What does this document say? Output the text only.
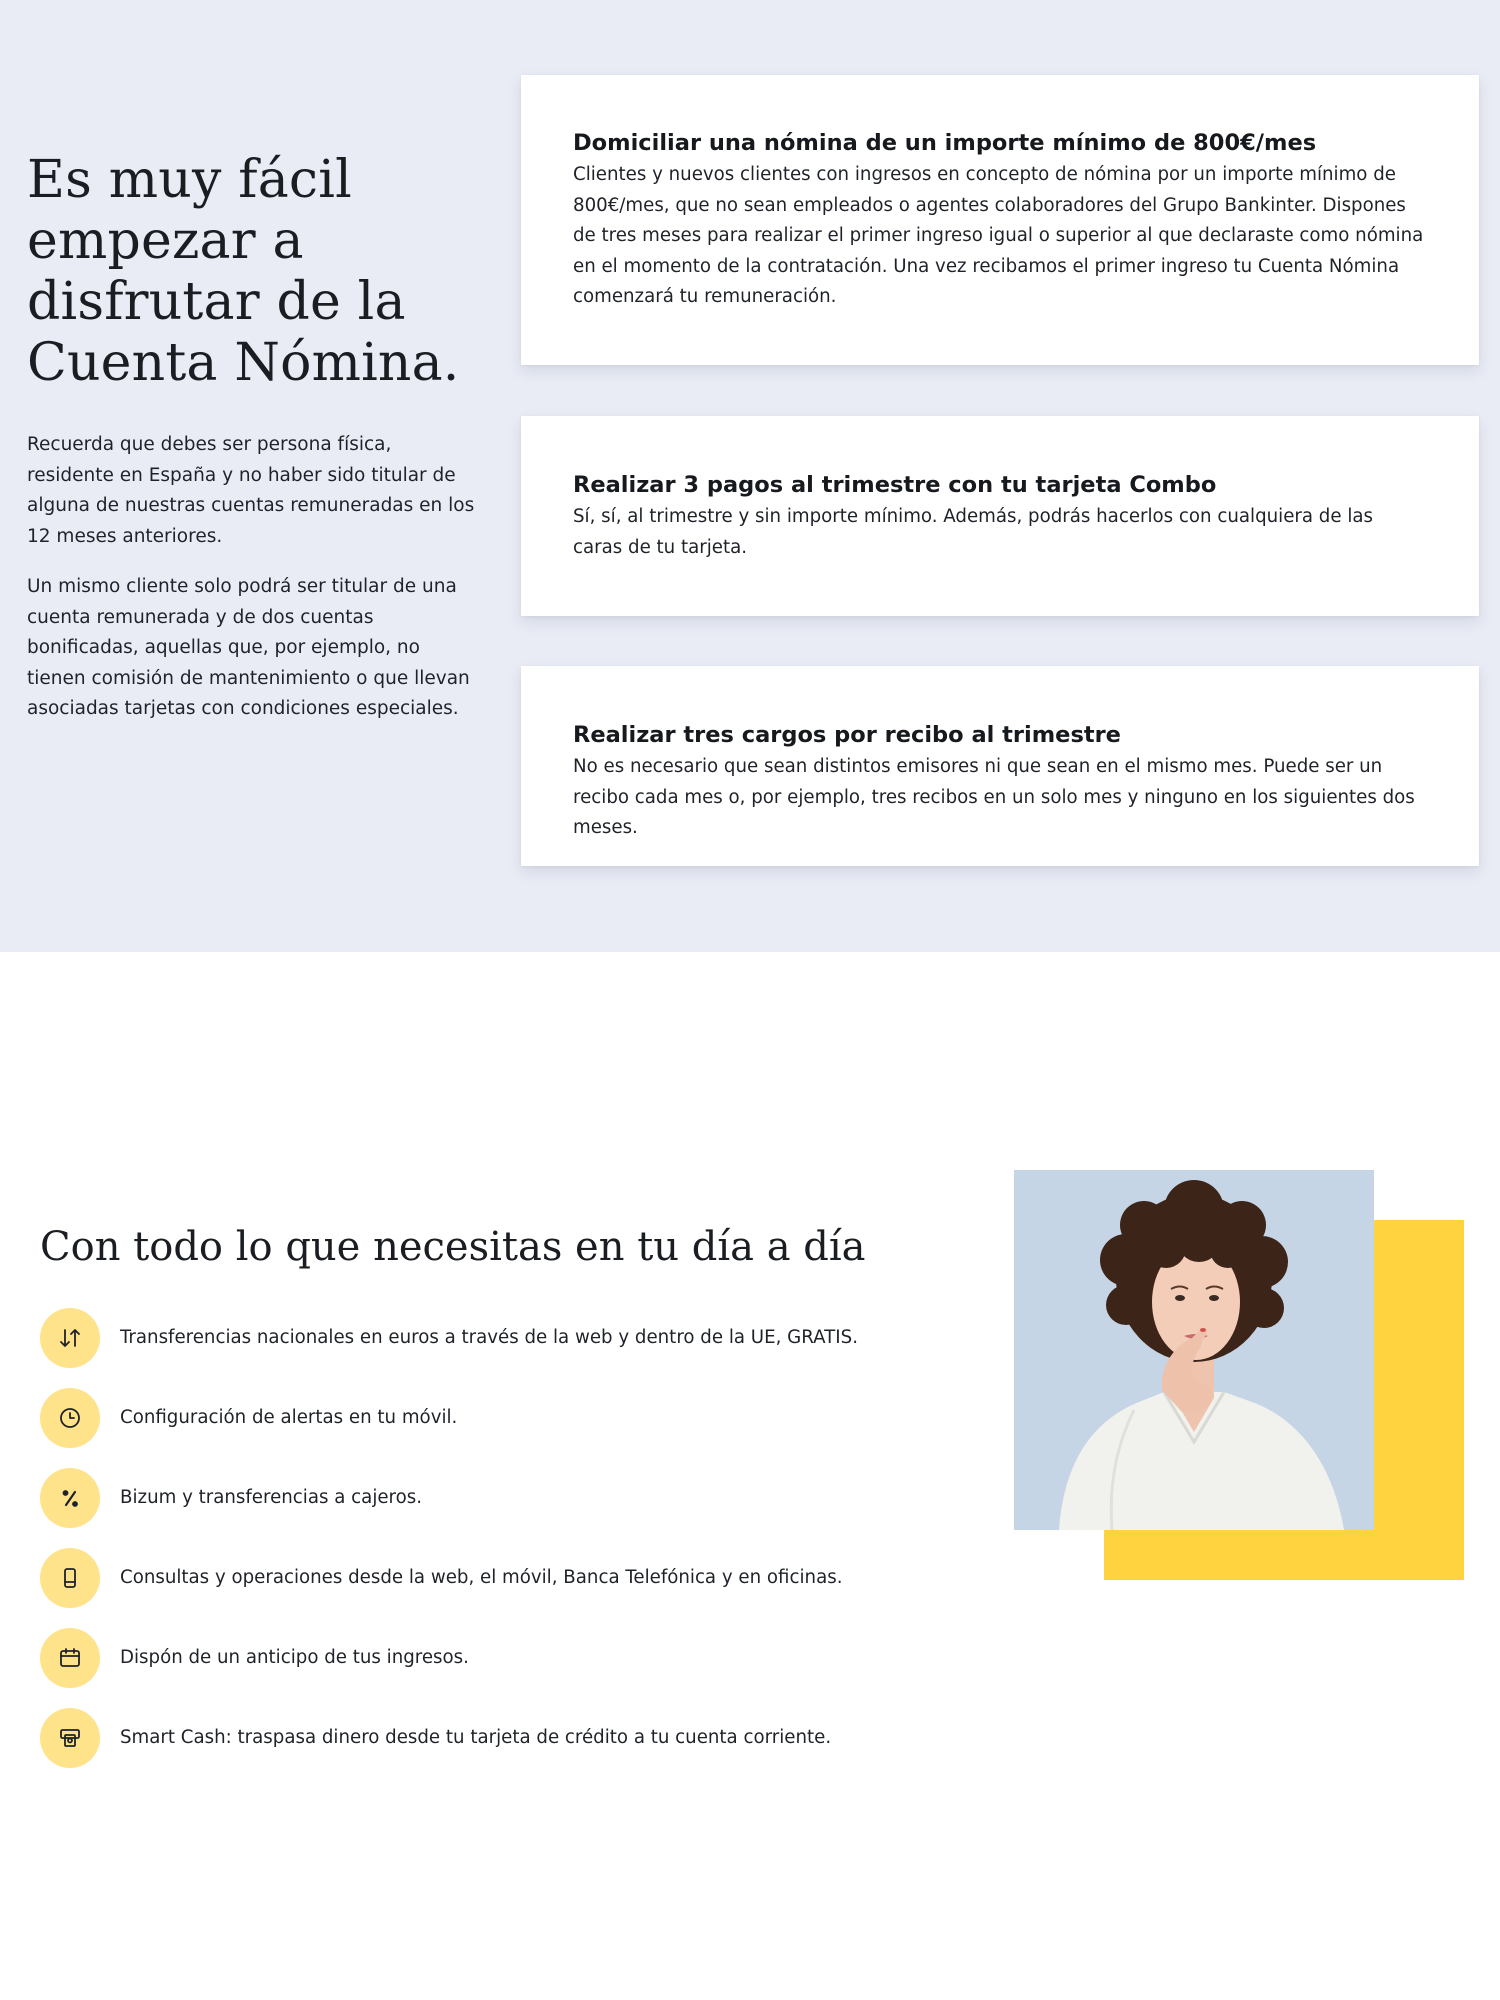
Es muy fácil empezar a disfrutar de la Cuenta Nómina.

Recuerda que debes ser persona física, residente en España y no haber sido titular de alguna de nuestras cuentas remuneradas en los 12 meses anteriores.

Un mismo cliente solo podrá ser titular de una cuenta remunerada y de dos cuentas bonificadas, aquellas que, por ejemplo, no tienen comisión de mantenimiento o que llevan asociadas tarjetas con condiciones especiales.

Domiciliar una nómina de un importe mínimo de 800€/mes

Clientes y nuevos clientes con ingresos en concepto de nómina por un importe mínimo de 800€/mes, que no sean empleados o agentes colaboradores del Grupo Bankinter. Dispones de tres meses para realizar el primer ingreso igual o superior al que declaraste como nómina en el momento de la contratación. Una vez recibamos el primer ingreso tu Cuenta Nómina comenzará tu remuneración.

Realizar 3 pagos al trimestre con tu tarjeta Combo

Sí, sí, al trimestre y sin importe mínimo. Además, podrás hacerlos con cualquiera de las caras de tu tarjeta.

Realizar tres cargos por recibo al trimestre

No es necesario que sean distintos emisores ni que sean en el mismo mes. Puede ser un recibo cada mes o, por ejemplo, tres recibos en un solo mes y ninguno en los siguientes dos meses.

Con todo lo que necesitas en tu día a día
Transferencias nacionales en euros a través de la web y dentro de la UE, GRATIS.
Configuración de alertas en tu móvil.
Bizum y transferencias a cajeros.
Consultas y operaciones desde la web, el móvil, Banca Telefónica y en oficinas.
Dispón de un anticipo de tus ingresos.
Smart Cash: traspasa dinero desde tu tarjeta de crédito a tu cuenta corriente.
